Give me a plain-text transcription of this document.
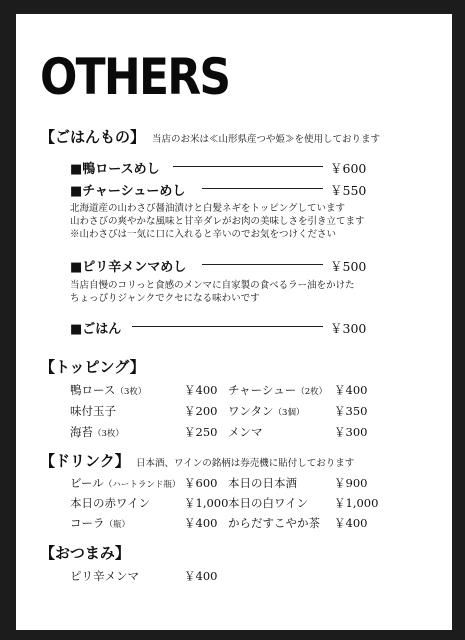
OTHERS
【ごはんもの】 当店のお米は≪山形県産つや姫≫を使用しております
■鴨ロースめし	￥600
■チャーシューめし	￥550
北海道産の山わさび醤油漬けと白髪ネギをトッピングしています
山わさびの爽やかな風味と甘辛ダレがお肉の美味しさを引き立てます
※山わさびは一気に口に入れると辛いのでお気をつけください
■ピリ辛メンマめし	￥500
当店自慢のコリっと食感のメンマに自家製の食べるラー油をかけた
ちょっぴりジャンクでクセになる味わいです
■ごはん	￥300
【トッピング】
鴨ロース（3枚）	￥400 チャーシュー（2枚） ￥400
味付玉子	￥200 ワンタン（3個）	￥350
海苔（3枚）	￥250 メンマ	￥300
【ドリンク】 日本酒、ワインの銘柄は券売機に貼付しております
ビール（ハートランド瓶） ￥600 本日の日本酒	￥900
本日の赤ワイン	￥1,000 本日の白ワイン ￥1,000
コーラ（瓶）	￥400 からだすこやか茶 ￥400
【おつまみ】
ピリ辛メンマ	￥400
